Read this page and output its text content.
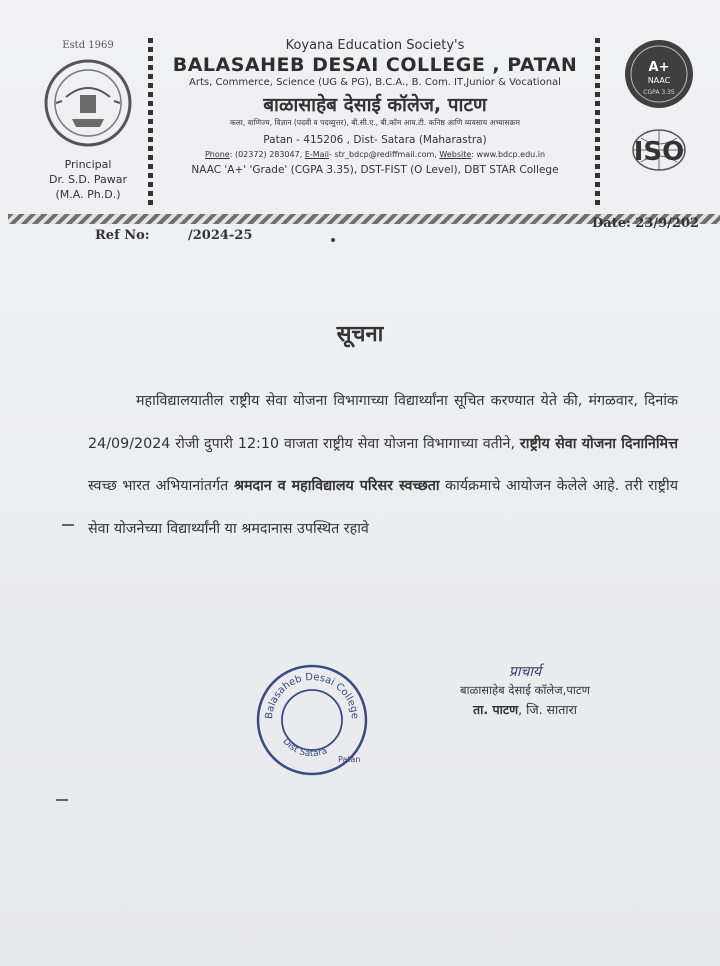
Estd 1969
Principal
Dr. S.D. Pawar
(M.A. Ph.D.)
Koyana Education Society's
BALASAHEB DESAI COLLEGE , PATAN
Arts, Commerce, Science (UG & PG), B.C.A., B. Com. IT,Junior & Vocational
बाळासाहेब देसाई कॉलेज, पाटण
कला, वाणिज्य, विज्ञान (पदवी व पदव्युत्तर), बी.सी.ए., बी.कॉम आय.टी. कनिष्ठ आणि व्यवसाय अभ्यासक्रम
Patan - 415206 , Dist- Satara (Maharastra)
Phone: (02372) 283047, E-Mail- str_bdcp@rediffmail.com, Website: www.bdcp.edu.in
NAAC 'A+' 'Grade' (CGPA 3.35), DST-FIST (O Level), DBT STAR College
A+
NAAC
CGPA 3.35

ISO
Ref No:	/2024-25
Date: 23/9/202
सूचना

महाविद्यालयातील राष्ट्रीय सेवा योजना विभागाच्या विद्यार्थ्यांना सूचित करण्यात येते की, मंगळवार, दिनांक 24/09/2024 रोजी दुपारी 12:10 वाजता राष्ट्रीय सेवा योजना विभागाच्या वतीने, राष्ट्रीय सेवा योजना दिनानिमित्त स्वच्छ भारत अभियानांतर्गत श्रमदान व महाविद्यालय परिसर स्वच्छता कार्यक्रमाचे आयोजन केलेले आहे. तरी राष्ट्रीय सेवा योजनेच्या विद्यार्थ्यांनी या श्रमदानास उपस्थित रहावे

Balasaheb Desai College
Dist Satara
Patan
प्राचार्य
बाळासाहेब देसाई कॉलेज,पाटण
ता. पाटण, जि. सातारा
